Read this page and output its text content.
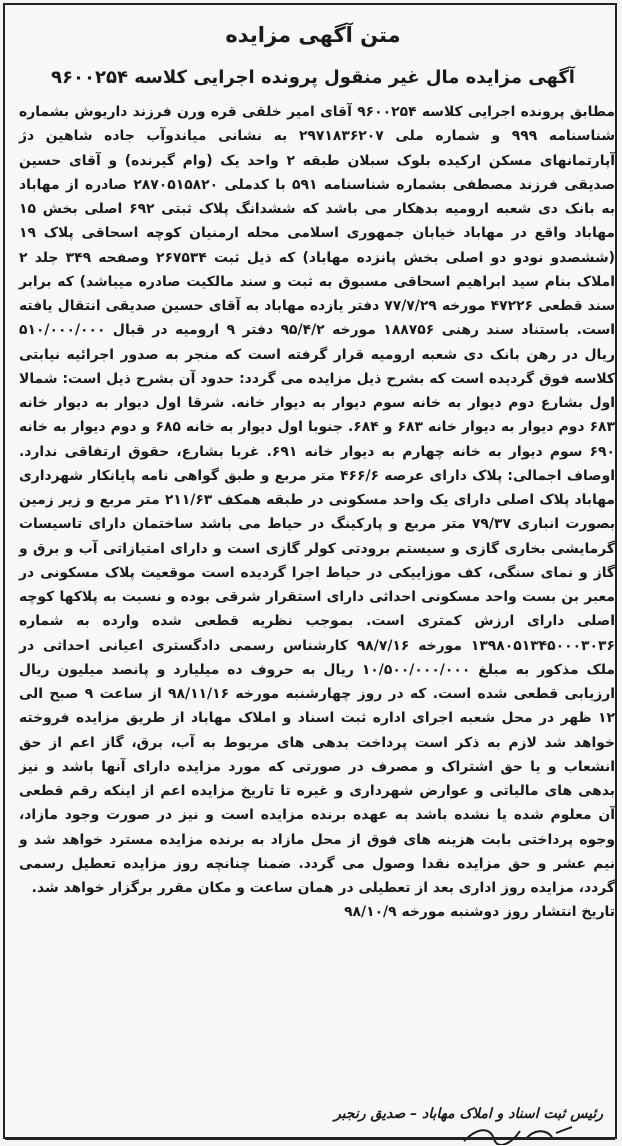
متن آگهی مزایده
آگهی مزایده مال غیر منقول پرونده اجرایی کلاسه ۹۶۰۰۲۵۴

مطابق پرونده اجرایی کلاسه ۹۶۰۰۲۵۴ آقای امیر خلقی قره ورن فرزند داریوش بشماره شناسنامه ۹۹۹ و شماره ملی ۲۹۷۱۸۳۶۲۰۷ به نشانی میاندوآب جاده شاهین دژ آپارتمانهای مسکن ارکیده بلوک سبلان طبقه ۲ واحد یک (وام گیرنده) و آقای حسین صدیقی فرزند مصطفی بشماره شناسنامه ۵۹۱ با کدملی ۲۸۷۰۵۱۵۸۲۰ صادره از مهاباد به بانک دی شعبه ارومیه بدهکار می باشد که ششدانگ پلاک ثبتی ۶۹۲ اصلی بخش ۱۵ مهاباد واقع در مهاباد خیابان جمهوری اسلامی محله ارمنیان کوچه اسحاقی پلاک ۱۹ (ششصدو نودو دو اصلی بخش پانزده مهاباد) که ذیل ثبت ۲۶۷۵۳۴ وصفحه ۳۴۹ جلد ۲ املاک بنام سید ابراهیم اسحاقی مسبوق به ثبت و سند مالکیت صادره میباشد) که برابر سند قطعی ۴۷۲۲۶ مورخه ۷۷/۷/۲۹ دفتر یازده مهاباد به آقای حسین صدیقی انتقال یافته است. باستناد سند رهنی ۱۸۸۷۵۶ مورخه ۹۵/۴/۲ دفتر ۹ ارومیه در قبال ۵۱۰/۰۰۰/۰۰۰ ریال در رهن بانک دی شعبه ارومیه قرار گرفته است که منجر به صدور اجرائیه نیابتی کلاسه فوق گردیده است که بشرح ذیل مزایده می گردد: حدود آن بشرح ذیل است: شمالا اول بشارع دوم دیوار به خانه سوم دیوار به دیوار خانه. شرقا اول دیوار به دیوار خانه ۶۸۳ دوم دیوار به دیوار خانه ۶۸۳ و ۶۸۴. جنوبا اول دیوار به خانه ۶۸۵ و دوم دیوار به خانه ۶۹۰ سوم دیوار به خانه چهارم به دیوار خانه ۶۹۱. غربا بشارع، حقوق ارتفاقی ندارد. اوصاف اجمالی: پلاک دارای عرصه ۴۶۶/۶ متر مربع و طبق گواهی نامه پایانکار شهرداری مهاباد پلاک اصلی دارای یک واحد مسکونی در طبقه همکف ۲۱۱/۶۳ متر مربع و زیر زمین بصورت انباری ۷۹/۳۷ متر مربع و پارکینگ در حیاط می باشد ساختمان دارای تاسیسات گرمایشی بخاری گازی و سیستم برودتی کولر گازی است و دارای امتیازاتی آب و برق و گاز و نمای سنگی، کف موزاییکی در حیاط اجرا گردیده است موقعیت پلاک مسکونی در معبر بن بست واحد مسکونی احداثی دارای استقرار شرقی بوده و نسبت به پلاکها کوچه اصلی دارای ارزش کمتری است. بموجب نظریه قطعی شده وارده به شماره ۱۳۹۸۰۵۱۳۴۵۰۰۰۳۰۳۶ مورخه ۹۸/۷/۱۶ کارشناس رسمی دادگستری اعیانی احداثی در ملک مذکور به مبلغ ۱۰/۵۰۰/۰۰۰/۰۰۰ ریال به حروف ده میلیارد و پانصد میلیون ریال ارزیابی قطعی شده است. که در روز چهارشنبه مورخه ۹۸/۱۱/۱۶ از ساعت ۹ صبح الی ۱۲ ظهر در محل شعبه اجرای اداره ثبت اسناد و املاک مهاباد از طریق مزایده فروخته خواهد شد لازم به ذکر است پرداخت بدهی های مربوط به آب، برق، گاز اعم از حق انشعاب و یا حق اشتراک و مصرف در صورتی که مورد مزایده دارای آنها باشد و نیز بدهی های مالیاتی و عوارض شهرداری و غیره تا تاریخ مزایده اعم از اینکه رقم قطعی آن معلوم شده یا نشده باشد به عهده برنده مزایده است و نیز در صورت وجود مازاد، وجوه پرداختی بابت هزینه های فوق از محل مازاد به برنده مزایده مسترد خواهد شد و نیم عشر و حق مزایده نقدا وصول می گردد. ضمنا چنانچه روز مزایده تعطیل رسمی گردد، مزایده روز اداری بعد از تعطیلی در همان ساعت و مکان مقرر برگزار خواهد شد.
تاریخ انتشار روز دوشنبه مورخه ۹۸/۱۰/۹

رئیس ثبت اسناد و املاک مهاباد – صدیق رنجبر
